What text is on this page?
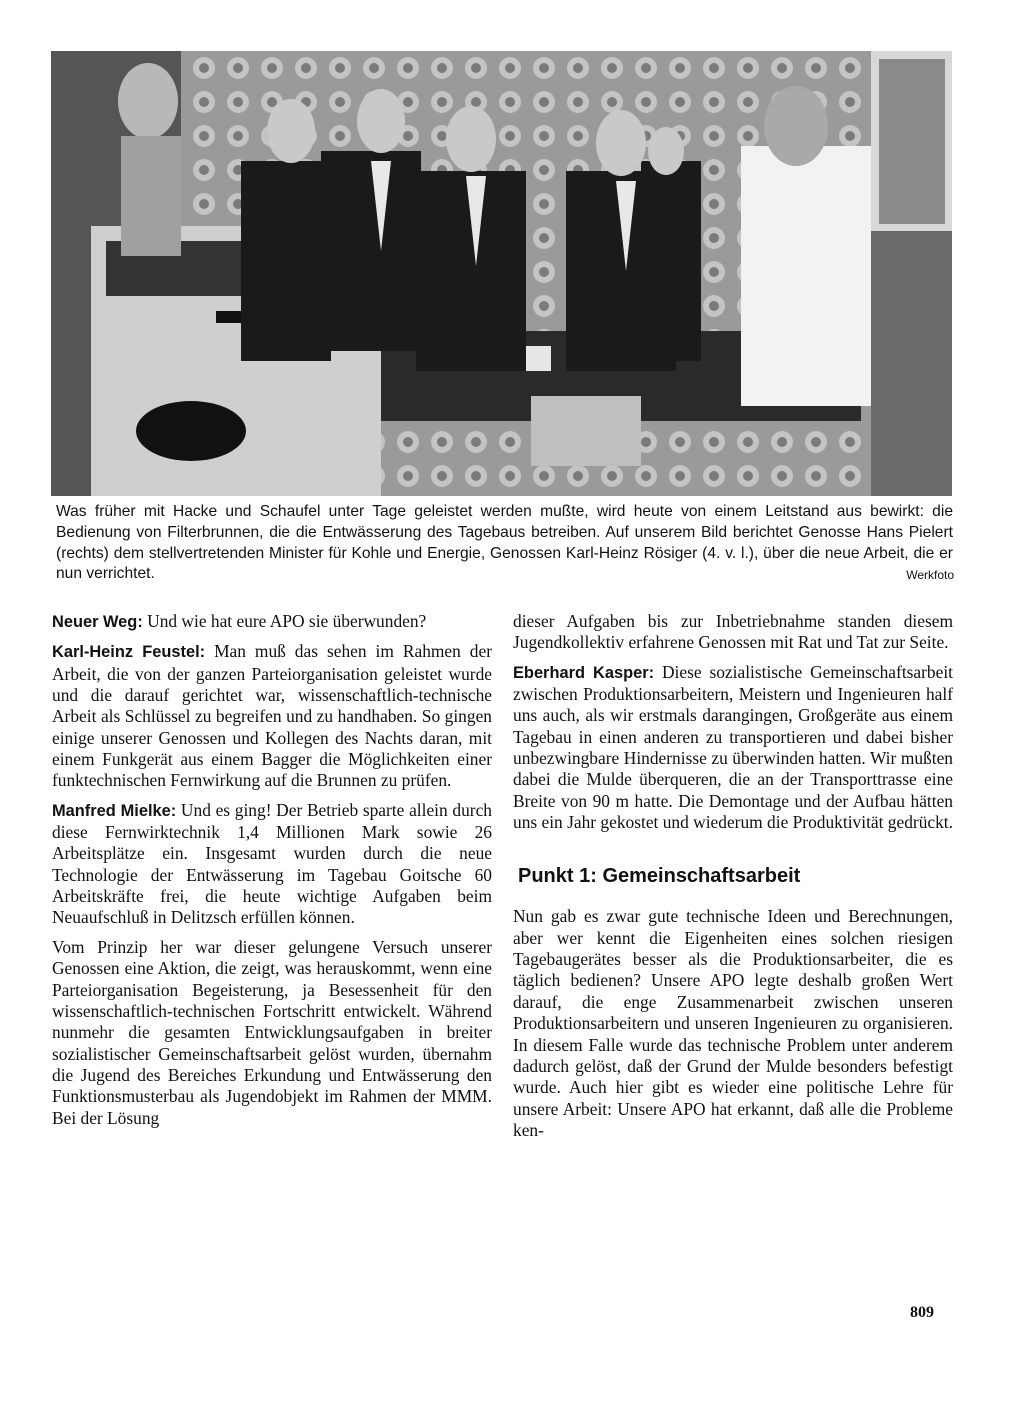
Was früher mit Hacke und Schaufel unter Tage geleistet werden mußte, wird heute von einem Leitstand aus bewirkt: die Bedienung von Filterbrunnen, die die Entwässerung des Tagebaus betreiben. Auf unserem Bild berichtet Genosse Hans Pielert (rechts) dem stellvertretenden Minister für Kohle und Energie, Genossen Karl-Heinz Rösiger (4. v. l.), über die neue Arbeit, die er nun verrichtet.	Werkfoto

Neuer Weg: Und wie hat eure APO sie überwunden?

Karl-Heinz Feustel: Man muß das sehen im Rahmen der Arbeit, die von der ganzen Parteiorganisation geleistet wurde und die darauf gerichtet war, wissenschaftlich-technische Arbeit als Schlüssel zu begreifen und zu handhaben. So gingen einige unserer Genossen und Kollegen des Nachts daran, mit einem Funkgerät aus einem Bagger die Möglichkeiten einer funktechnischen Fernwirkung auf die Brunnen zu prüfen.

Manfred Mielke: Und es ging! Der Betrieb sparte allein durch diese Fernwirktechnik 1,4 Millionen Mark sowie 26 Arbeitsplätze ein. Insgesamt wurden durch die neue Technologie der Entwässerung im Tagebau Goitsche 60 Arbeitskräfte frei, die heute wichtige Aufgaben beim Neuaufschluß in Delitzsch erfüllen können.

Vom Prinzip her war dieser gelungene Versuch unserer Genossen eine Aktion, die zeigt, was herauskommt, wenn eine Parteiorganisation Begeisterung, ja Besessenheit für den wissenschaftlich-technischen Fortschritt entwickelt. Während nunmehr die gesamten Entwicklungsaufgaben in breiter sozialistischer Gemeinschaftsarbeit gelöst wurden, übernahm die Jugend des Bereiches Erkundung und Entwässerung den Funktionsmusterbau als Jugendobjekt im Rahmen der MMM. Bei der Lösung

dieser Aufgaben bis zur Inbetriebnahme standen diesem Jugendkollektiv erfahrene Genossen mit Rat und Tat zur Seite.

Eberhard Kasper: Diese sozialistische Gemeinschaftsarbeit zwischen Produktionsarbeitern, Meistern und Ingenieuren half uns auch, als wir erstmals darangingen, Großgeräte aus einem Tagebau in einen anderen zu transportieren und dabei bisher unbezwingbare Hindernisse zu überwinden hatten. Wir mußten dabei die Mulde überqueren, die an der Transporttrasse eine Breite von 90 m hatte. Die Demontage und der Aufbau hätten uns ein Jahr gekostet und wiederum die Produktivität gedrückt.

Punkt 1: Gemeinschaftsarbeit

Nun gab es zwar gute technische Ideen und Berechnungen, aber wer kennt die Eigenheiten eines solchen riesigen Tagebaugerätes besser als die Produktionsarbeiter, die es täglich bedienen? Unsere APO legte deshalb großen Wert darauf, die enge Zusammenarbeit zwischen unseren Produktionsarbeitern und unseren Ingenieuren zu organisieren. In diesem Falle wurde das technische Problem unter anderem dadurch gelöst, daß der Grund der Mulde besonders befestigt wurde. Auch hier gibt es wieder eine politische Lehre für unsere Arbeit: Unsere APO hat erkannt, daß alle die Probleme ken-

809
